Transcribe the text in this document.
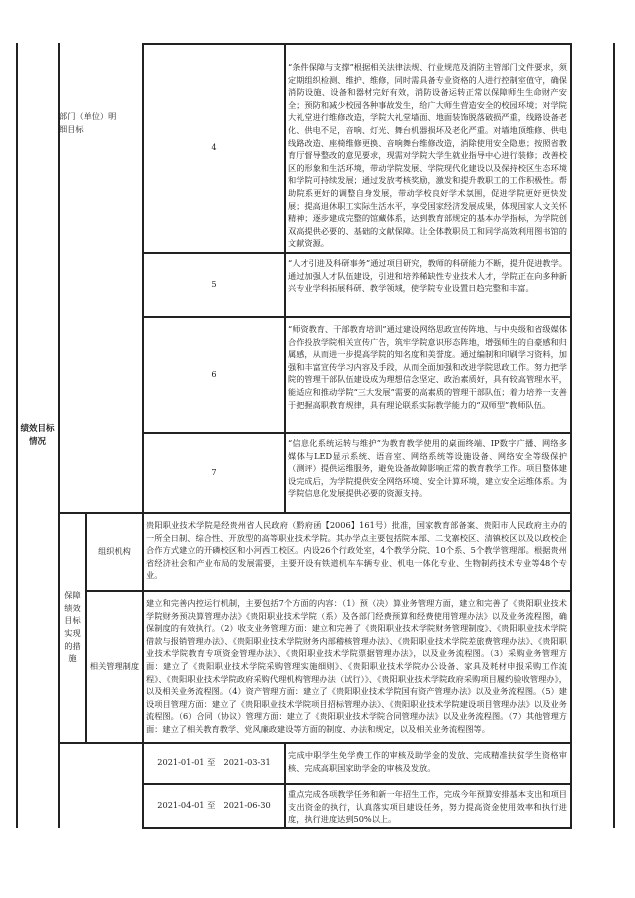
绩效目标情况
部门（单位）明细目标
4
“条件保障与支撑”根据相关法律法规、行业规范及消防主管部门文件要求，须定期组织检测、维护、维修，同时需具备专业资格的人进行控制室值守，确保消防设施、设备和器材完好有效，消防设备运转正常以保障师生生命财产安全；预防和减少校园各种事故发生，给广大师生营造安全的校园环境；对学院大礼堂进行维修改造，学院大礼堂墙面、地面装饰脱落破损严重，线路设备老化、供电不足，音响、灯光、舞台机器损坏及老化严重。对墙地顶维修、供电线路改造、座椅维修更换、音响舞台维修改造，消除使用安全隐患；按照省教育厅督导整改的意见要求，现需对学院大学生就业指导中心进行装修；改善校区的形象和生活环境，带动学院发展、学院现代化建设以及保持校区生态环境和学院可持续发展；通过发放考核奖励，激发和提升教职工的工作积极性。帮助院系更好的调整自身发展，带动学校良好学术氛围，促进学院更好更快发展；提高退休职工实际生活水平，享受国家经济发展成果，体现国家人文关怀精神；逐步建成完整的馆藏体系，达到教育部规定的基本办学指标，为学院创双高提供必要的、基础的文献保障。让全体教职员工和同学高效利用图书馆的文献资源。
5
“人才引进及科研事务”通过项目研究，教师的科研能力不断，提升促进教学。通过加强人才队伍建设，引进和培养稀缺性专业技术人才，学院正在向多种新兴专业学科拓展科研、教学领域，使学院专业设置日趋完整和丰富。
6
“师资教育、干部教育培训”通过建设网络思政宣传阵地、与中央级和省级媒体合作投放学院相关宣传广告，筑牢学院意识形态阵地，增强师生的自豪感和归属感，从而进一步提高学院的知名度和美誉度。通过编制和印刷学习资料，加强和丰富宣传学习内容及手段，从而全面加强和改进学院思政工作。努力把学院的管理干部队伍建设成为理想信念坚定、政治素质好，具有较高管理水平，能适应和推动学院“三大发展”需要的高素质的管理干部队伍；着力培养一支善于把握高职教育规律，具有理论联系实际教学能力的“双师型”教师队伍。
7
“信息化系统运转与维护”为教育教学使用的桌面终端、IP数字广播、网络多媒体与LED显示系统、语音室、网络系统等设施设备、网络安全等级保护（测评）提供运维服务，避免设备故障影响正常的教育教学工作。项目整体建设完成后，为学院提供安全网络环境、安全计算环境，建立安全运维体系。为学院信息化发展提供必要的资源支持。
保障绩效目标实现的措施
组织机构
贵阳职业技术学院是经贵州省人民政府（黔府函【2006】161号）批准，国家教育部备案、贵阳市人民政府主办的一所全日制、综合性、开放型的高等职业技术学院。其办学点主要包括院本部、二戈寨校区、清镇校区以及以政校企合作方式建立的开磷校区和小河西工校区。内设26个行政处室，4个教学分院、10个系、5个教学管理部。根据贵州省经济社会和产业布局的发展需要，主要开设有铁道机车车辆专业、机电一体化专业、生物制药技术专业等48个专业。
相关管理制度
建立和完善内控运行机制，主要包括7个方面的内容：（1）预（决）算业务管理方面，建立和完善了《贵阳职业技术学院财务预决算管理办法》《贵阳职业技术学院（系）及各部门经费预算和经费使用管理办法》以及业务流程图，确保制度的有效执行。（2）收支业务管理方面：建立和完善了《贵阳职业技术学院财务管理制度》、《贵阳职业技术学院借款与报销管理办法》、《贵阳职业技术学院财务内部稽核管理办法》、《贵阳职业技术学院差旅费管理办法》、《贵阳职业技术学院教育专项资金管理办法》、《贵阳职业技术学院票据管理办法》，以及业务流程图。（3）采购业务管理方面：建立了《贵阳职业技术学院采购管理实施细则》、《贵阳职业技术学院办公设备、家具及耗材申报采购工作流程》、《贵阳职业技术学院政府采购代理机构管理办法（试行）》、《贵阳职业技术学院政府采购项目履约验收管理办》，以及相关业务流程图。（4）资产管理方面：建立了《贵阳职业技术学院国有资产管理办法》以及业务流程图。（5）建设项目管理方面：建立了《贵阳职业技术学院项目招标管理办法》、《贵阳职业技术学院建设项目管理办法》以及业务流程图。（6）合同（协议）管理方面：建立了《贵阳职业技术学院合同管理办法》以及业务流程图。（7）其他管理方面：建立了相关教育教学、党风廉政建设等方面的制度、办法和规定，以及相关业务流程图等。
2021-01-01 至　2021-03-31
完成中职学生免学费工作的审核及助学金的发放、完成精准扶贫学生资格审核、完成高职国家助学金的审核及发放。
2021-04-01 至　2021-06-30
重点完成各项教学任务和新一年招生工作，完成今年预算安排基本支出和项目支出资金的执行，认真落实项目建设任务，努力提高资金使用效率和执行进度，执行进度达到50%以上。
